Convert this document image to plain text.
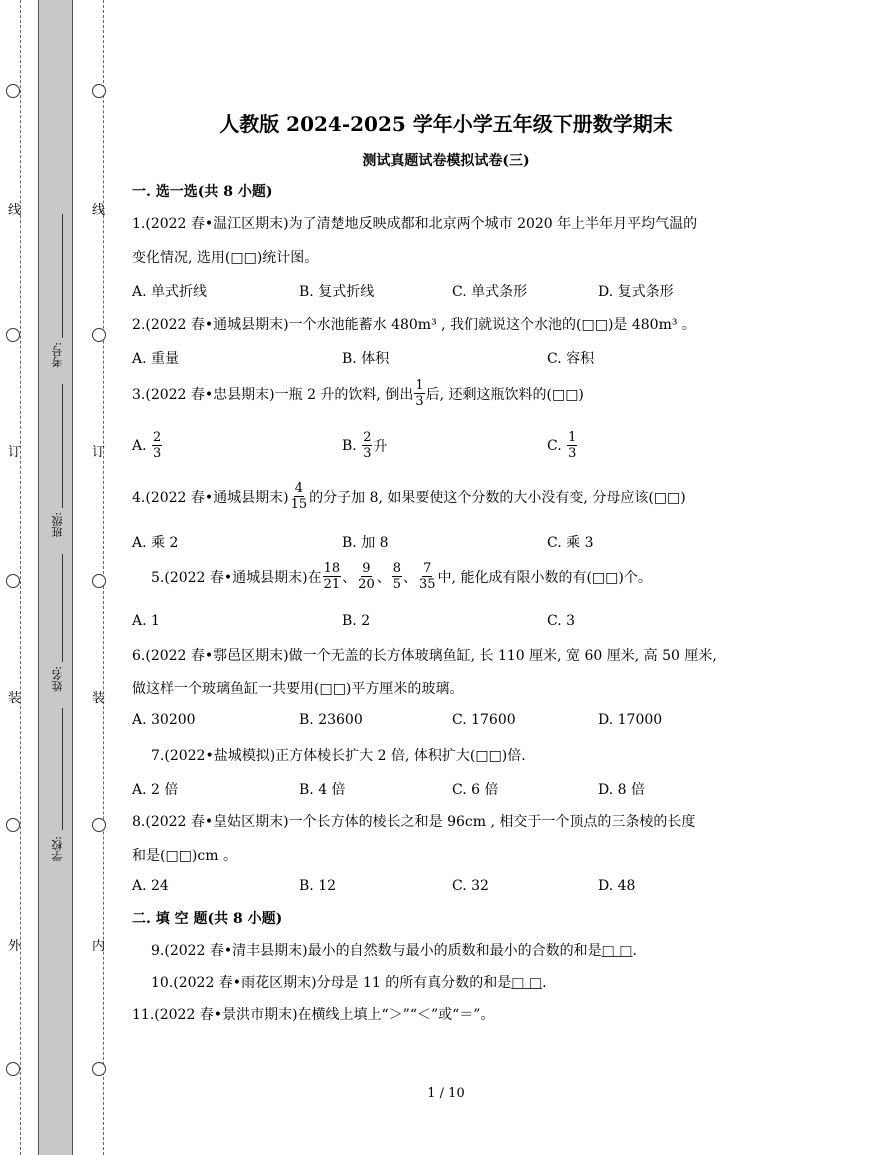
线
订
装
外
线
订
装
内
考号:
班级:
姓名:
学校:
人教版 2024-2025 学年小学五年级下册数学期末
测试真题试卷模拟试卷(三)
一. 选一选(共 8 小题)
1.(2022 春•温江区期末)为了清楚地反映成都和北京两个城市 2020 年上半年月平均气温的
变化情况, 选用(□□)统计图。
A. 单式折线	B. 复式折线	C. 单式条形	D. 复式条形
2.(2022 春•通城县期末)一个水池能蓄水 480m³ , 我们就说这个水池的(□□)是 480m³ 。
A. 重量	B. 体积	C. 容积
3.(2022 春•忠县期末)一瓶 2 升的饮料, 倒出 $\frac{1}{3}$ 后, 还剩这瓶饮料的(□□)
A.
$\frac{2}{3}$	B.
$\frac{2}{3}$ 升	C.
$\frac{1}{3}$
4.(2022 春•通城县期末) $\frac{4}{15}$ 的分子加 8, 如果要使这个分数的大小没有变, 分母应该(□□)
A. 乘 2	B. 加 8	C. 乘 3
5.(2022 春•通城县期末)在 $\frac{18}{21}$ 、 $\frac{9}{20}$ 、 $\frac{8}{5}$ 、 $\frac{7}{35}$ 中, 能化成有限小数的有(□□)个。
A. 1	B. 2	C. 3
6.(2022 春•鄠邑区期末)做一个无盖的长方体玻璃鱼缸, 长 110 厘米, 宽 60 厘米, 高 50 厘米,
做这样一个玻璃鱼缸一共要用(□□)平方厘米的玻璃。
A. 30200	B. 23600	C. 17600	D. 17000
7.(2022•盐城模拟)正方体棱长扩大 2 倍, 体积扩大(□□)倍.
A. 2 倍	B. 4 倍	C. 6 倍	D. 8 倍
8.(2022 春•皇姑区期末)一个长方体的棱长之和是 96cm , 相交于一个顶点的三条棱的长度
和是(□□)cm 。
A. 24	B. 12	C. 32	D. 48
二. 填 空 题(共 8 小题)
9.(2022 春•清丰县期末)最小的自然数与最小的质数和最小的合数的和是□ □.
10.(2022 春•雨花区期末)分母是 11 的所有真分数的和是□ □.
11.(2022 春•景洪市期末)在横线上填上“＞”“＜”或“＝”。
1 / 10
